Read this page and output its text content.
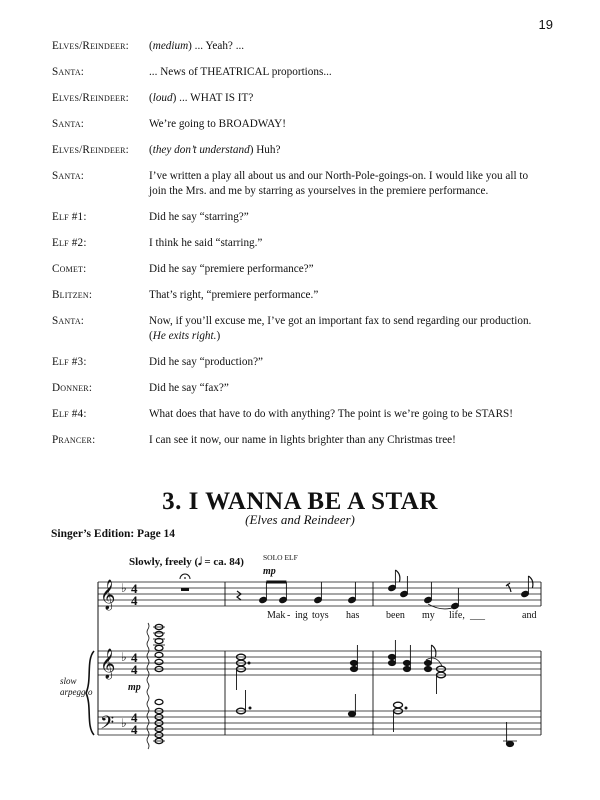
19
Elves/Reindeer:	(medium) ... Yeah? ...
Santa:	... News of THEATRICAL proportions...
Elves/Reindeer:	(loud) ... WHAT IS IT?
Santa:	We’re going to BROADWAY!
Elves/Reindeer:	(they don’t understand) Huh?
Santa:	I’ve written a play all about us and our North-Pole-goings-on. I would like you all to join the Mrs. and me by starring as yourselves in the premiere performance.
Elf #1:	Did he say “starring?”
Elf #2:	I think he said “starring.”
Comet:	Did he say “premiere performance?”
Blitzen:	That’s right, “premiere performance.”
Santa:	Now, if you’ll excuse me, I’ve got an important fax to send regarding our production. (He exits right.)
Elf #3:	Did he say “production?”
Donner:	Did he say “fax?”
Elf #4:	What does that have to do with anything? The point is we’re going to be STARS!
Prancer:	I can see it now, our name in lights brighter than any Christmas tree!
3. I WANNA BE A STAR
(Elves and Reindeer)
Singer’s Edition: Page 14
Slowly, freely (𝅗𝅥 = ca. 84)	SOLO ELF
mp
mp
slow
arpeggio
Mak - ing toys has	been my life, ___	and
𝄞
𝄞
𝄢
♭
♭
♭
4
4
4
4
4
4
